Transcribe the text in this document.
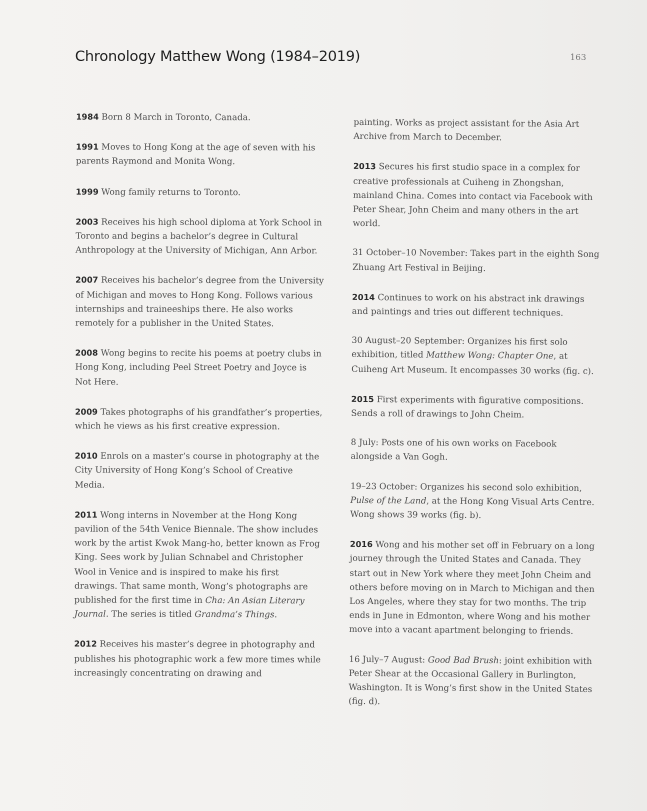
Chronology Matthew Wong (1984–2019)	163

1984 Born 8 March in Toronto, Canada.

1991 Moves to Hong Kong at the age of seven with his parents Raymond and Monita Wong.

1999 Wong family returns to Toronto.

2003 Receives his high school diploma at York School in Toronto and begins a bachelor’s degree in Cultural Anthropology at the University of Michigan, Ann Arbor.

2007 Receives his bachelor’s degree from the University of Michigan and moves to Hong Kong. Follows various internships and traineeships there. He also works remotely for a publisher in the United States.

2008 Wong begins to recite his poems at poetry clubs in Hong Kong, including Peel Street Poetry and Joyce is Not Here.

2009 Takes photographs of his grandfather’s properties, which he views as his first creative expression.

2010 Enrols on a master’s course in photography at the City University of Hong Kong’s School of Creative Media.

2011 Wong interns in November at the Hong Kong pavilion of the 54th Venice Biennale. The show includes work by the artist Kwok Mang-ho, better known as Frog King. Sees work by Julian Schnabel and Christopher Wool in Venice and is inspired to make his first drawings. That same month, Wong’s photographs are published for the first time in Cha: An Asian Literary Journal. The series is titled Grandma’s Things.

2012 Receives his master’s degree in photography and publishes his photographic work a few more times while increasingly concentrating on drawing and

painting. Works as project assistant for the Asia Art Archive from March to December.

2013 Secures his first studio space in a complex for creative professionals at Cuiheng in Zhongshan, mainland China. Comes into contact via Facebook with Peter Shear, John Cheim and many others in the art world.

31 October–10 November: Takes part in the eighth Song Zhuang Art Festival in Beijing.

2014 Continues to work on his abstract ink drawings and paintings and tries out different techniques.

30 August–20 September: Organizes his first solo exhibition, titled Matthew Wong: Chapter One, at Cuiheng Art Museum. It encompasses 30 works (fig. c).

2015 First experiments with figurative compositions. Sends a roll of drawings to John Cheim.

8 July: Posts one of his own works on Facebook alongside a Van Gogh.

19–23 October: Organizes his second solo exhibition, Pulse of the Land, at the Hong Kong Visual Arts Centre. Wong shows 39 works (fig. b).

2016 Wong and his mother set off in February on a long journey through the United States and Canada. They start out in New York where they meet John Cheim and others before moving on in March to Michigan and then Los Angeles, where they stay for two months. The trip ends in June in Edmonton, where Wong and his mother move into a vacant apartment belonging to friends.

16 July–7 August: Good Bad Brush: joint exhibition with Peter Shear at the Occasional Gallery in Burlington, Washington. It is Wong’s first show in the United States (fig. d).
